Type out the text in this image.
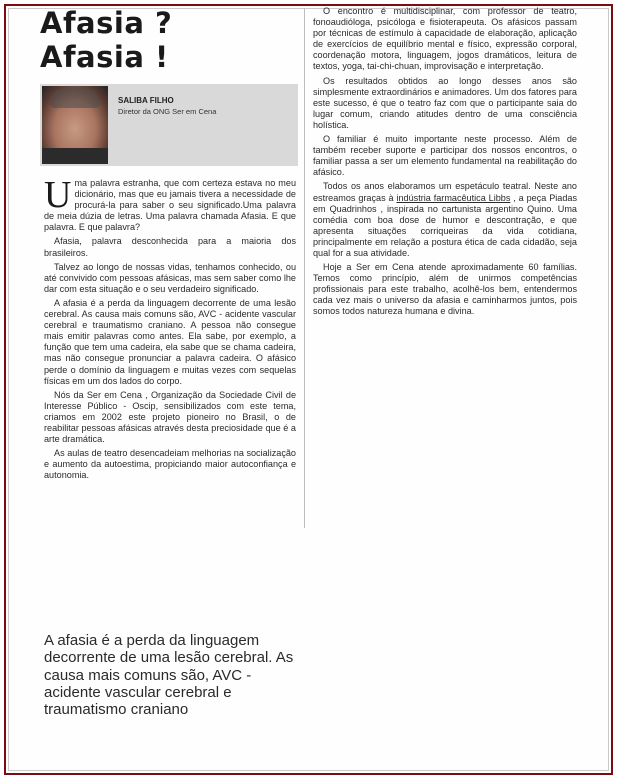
Afasia ?
Afasia !
SALIBA FILHO
Diretor da ONG Ser em Cena

Uma palavra estranha, que com certeza estava no meu dicionário, mas que eu jamais tivera a necessidade de procurá-la para saber o seu significado.Uma palavra de meia dúzia de letras. Uma palavra chamada Afasia. E que palavra. E que palavra?

Afasia, palavra desconhecida para a maioria dos brasileiros.

Talvez ao longo de nossas vidas, tenhamos conhecido, ou até convivido com pessoas afásicas, mas sem saber como lhe dar com esta situação e o seu verdadeiro significado.

A afasia é a perda da linguagem decorrente de uma lesão cerebral. As causa mais comuns são, AVC - acidente vascular cerebral e traumatismo craniano. A pessoa não consegue mais emitir palavras como antes. Ela sabe, por exemplo, a função que tem uma cadeira, ela sabe que se chama cadeira, mas não consegue pronunciar a palavra cadeira. O afásico perde o domínio da linguagem e muitas vezes com sequelas físicas em um dos lados do corpo.

Nós da Ser em Cena , Organização da Sociedade Civil de Interesse Público - Oscip, sensibilizados com este tema, criamos em 2002 este projeto pioneiro no Brasil, o de reabilitar pessoas afásicas através desta preciosidade que é a arte dramática.

As aulas de teatro desencadeiam melhorias na socialização e aumento da autoestima, propiciando maior autoconfiança e autonomia.

O encontro é multidisciplinar, com professor de teatro, fonoaudióloga, psicóloga e fisioterapeuta. Os afásicos passam por técnicas de estímulo à capacidade de elaboração, aplicação de exercícios de equilíbrio mental e físico, expressão corporal, coordenação motora, linguagem, jogos dramáticos, leitura de textos, yoga, tai-chi-chuan, improvisação e interpretação.

Os resultados obtidos ao longo desses anos são simplesmente extraordinários e animadores. Um dos fatores para este sucesso, é que o teatro faz com que o participante saia do lugar comum, criando atitudes dentro de uma consciência holística.

O familiar é muito importante neste processo. Além de também receber suporte e participar dos nossos encontros, o familiar passa a ser um elemento fundamental na reabilitação do afásico.

Todos os anos elaboramos um espetáculo teatral. Neste ano estreamos graças à indústria farmacêutica Libbs , a peça Piadas em Quadrinhos , inspirada no cartunista argentino Quino. Uma comédia com boa dose de humor e descontração, e que apresenta situações corriqueiras da vida cotidiana, principalmente em relação a postura ética de cada cidadão, seja qual for a sua atividade.

Hoje a Ser em Cena atende aproximadamente 60 famílias. Temos como princípio, além de unirmos competências profissionais para este trabalho, acolhê-los bem, entendermos cada vez mais o universo da afasia e caminharmos juntos, pois somos todos natureza humana e divina.

A afasia é a perda da linguagem decorrente de uma lesão cerebral. As causa mais comuns são, AVC - acidente vascular cerebral e traumatismo craniano
